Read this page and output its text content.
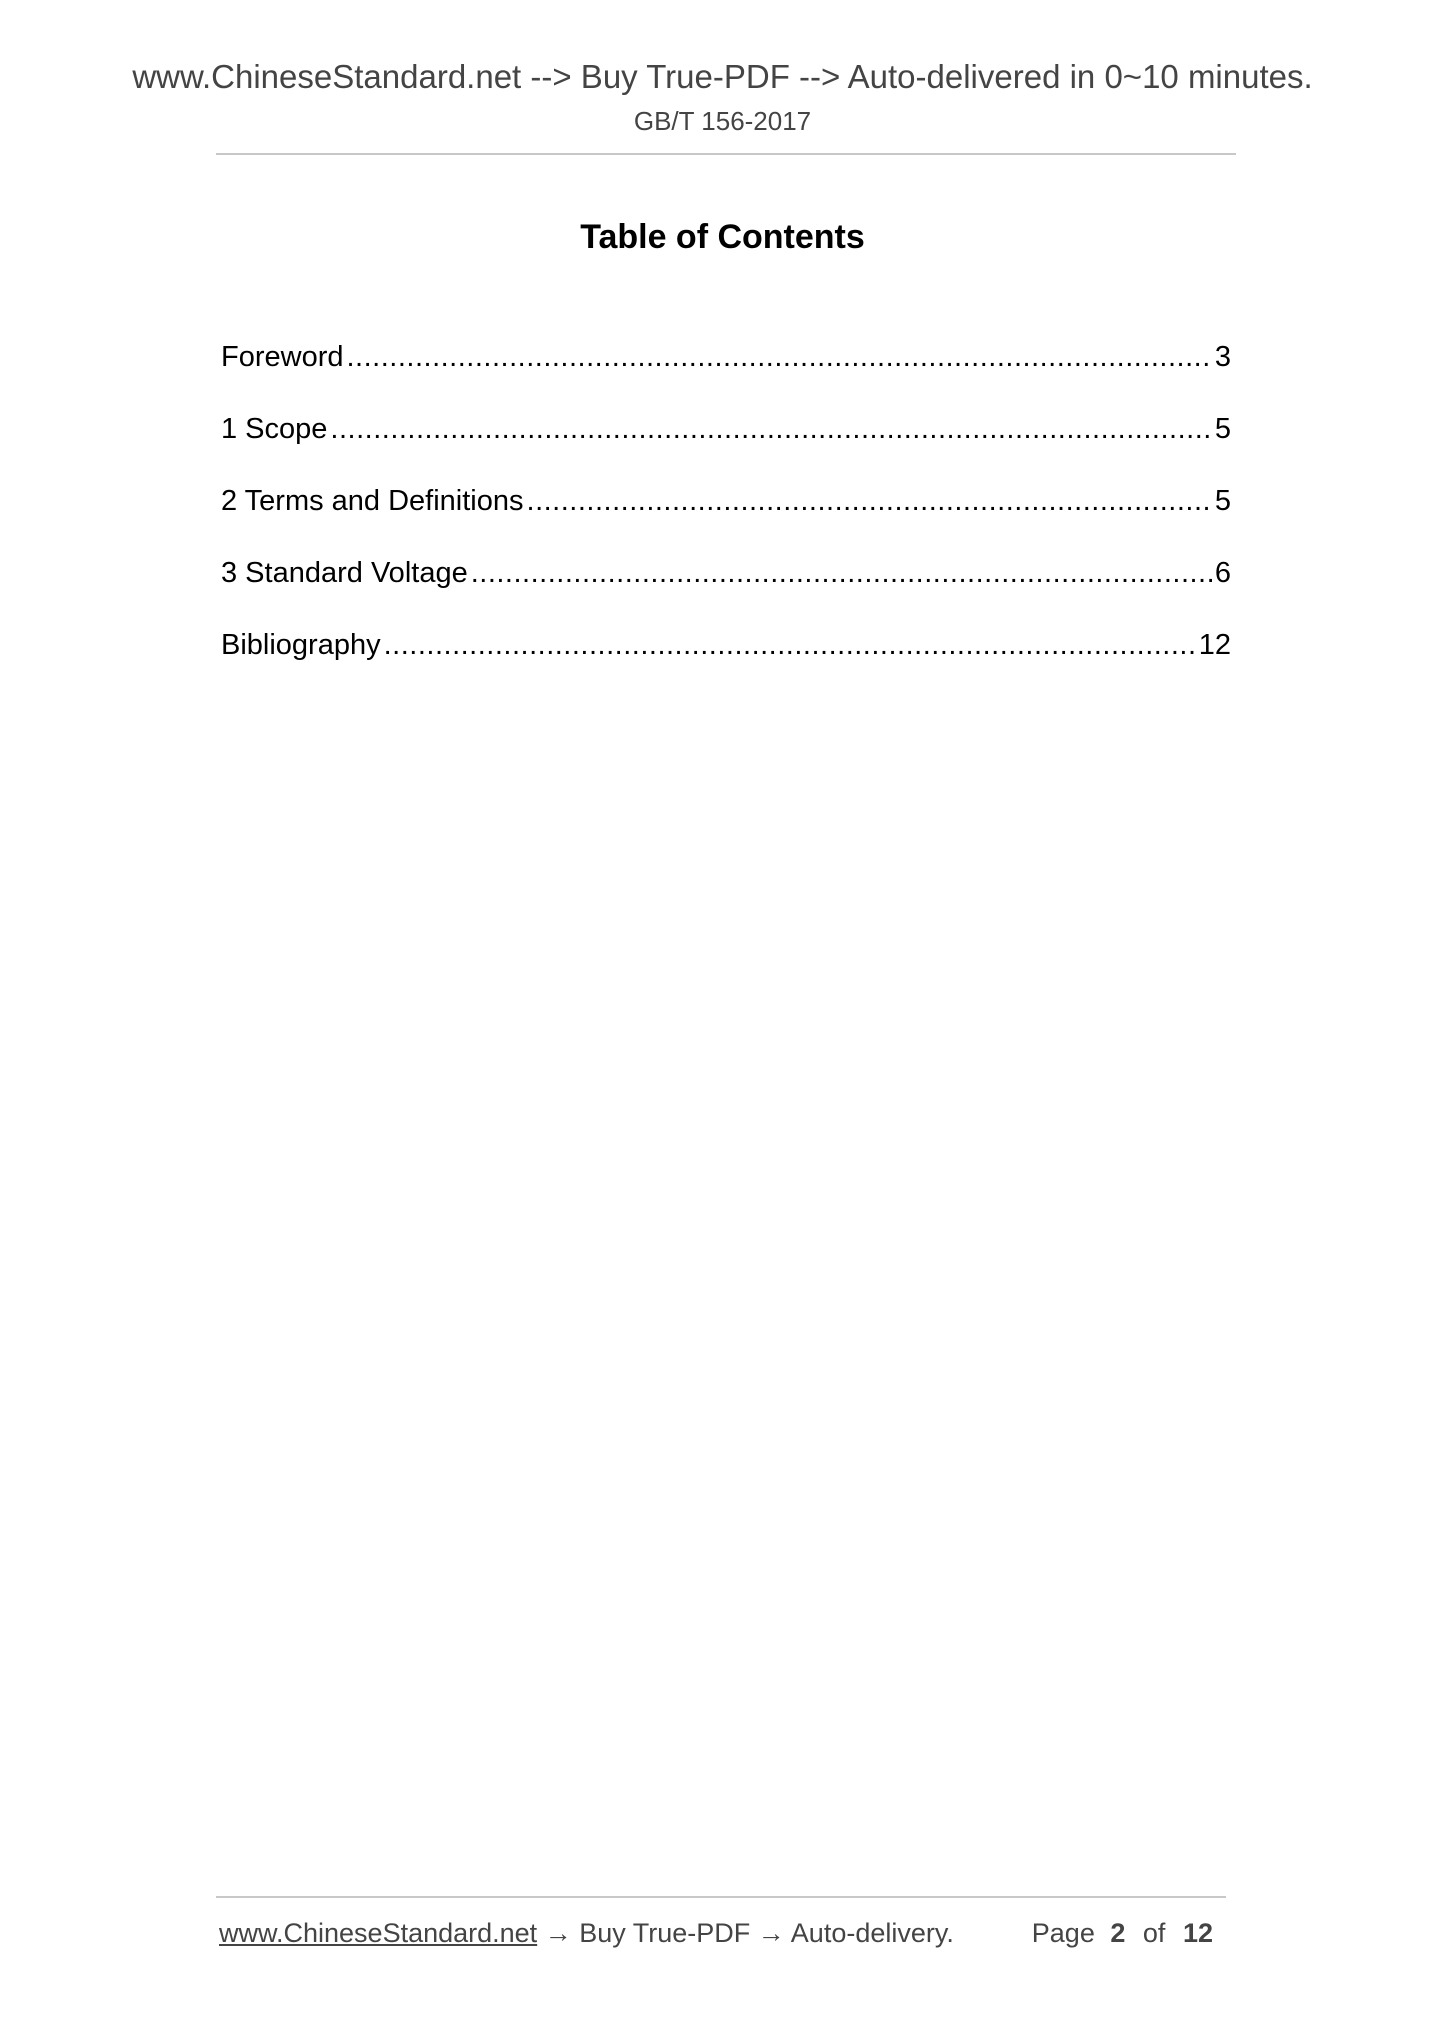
www.ChineseStandard.net --> Buy True-PDF --> Auto-delivered in 0~10 minutes.
GB/T 156-2017
Table of Contents
Foreword .....	3
1 Scope .....	5
2 Terms and Definitions .....	5
3 Standard Voltage .....	6
Bibliography .....	12
www.ChineseStandard.net → Buy True-PDF → Auto-delivery.	Page 2 of 12
